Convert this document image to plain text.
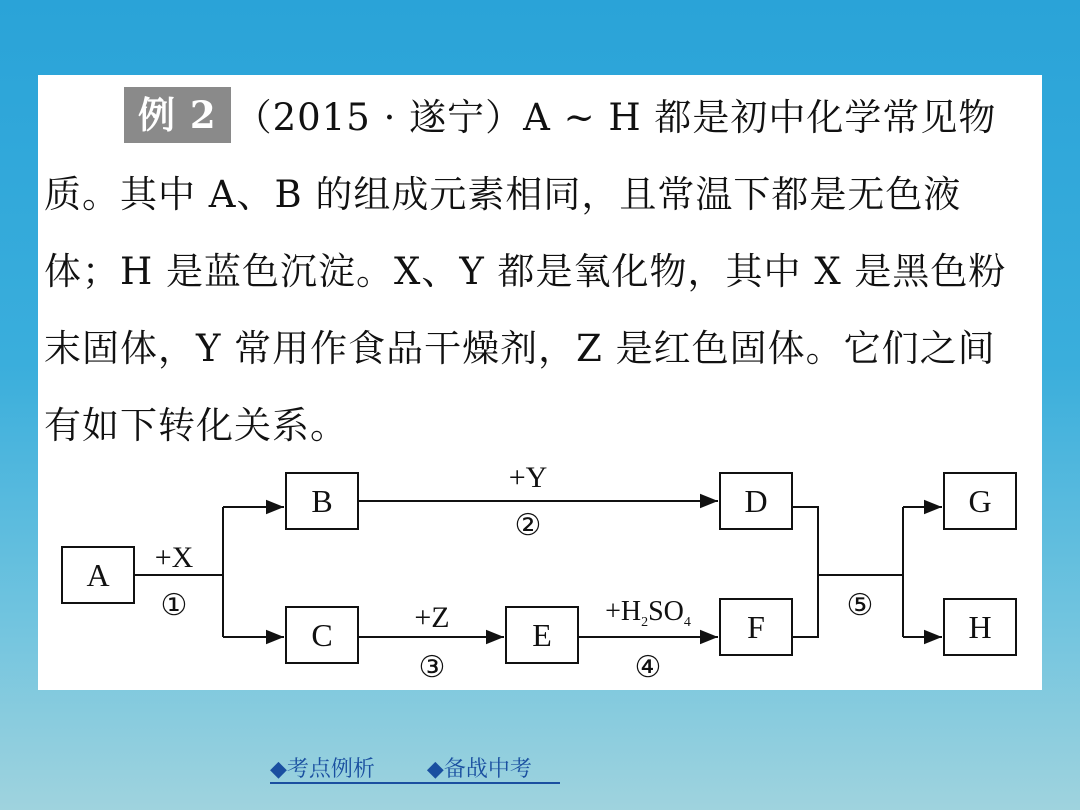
例 2 （2015 · 遂宁）A ~ H 都是初中化学常见物
质。其中 A、B 的组成元素相同，且常温下都是无色液
体；H 是蓝色沉淀。X、Y 都是氧化物，其中 X 是黑色粉
末固体，Y 常用作食品干燥剂，Z 是红色固体。它们之间
有如下转化关系。
A
B
C
D
E	F
G
H
+X
+Y
+Z	$+H_2SO_4$
①
②
③	④
⑤
◆考点例析 ◆备战中考
